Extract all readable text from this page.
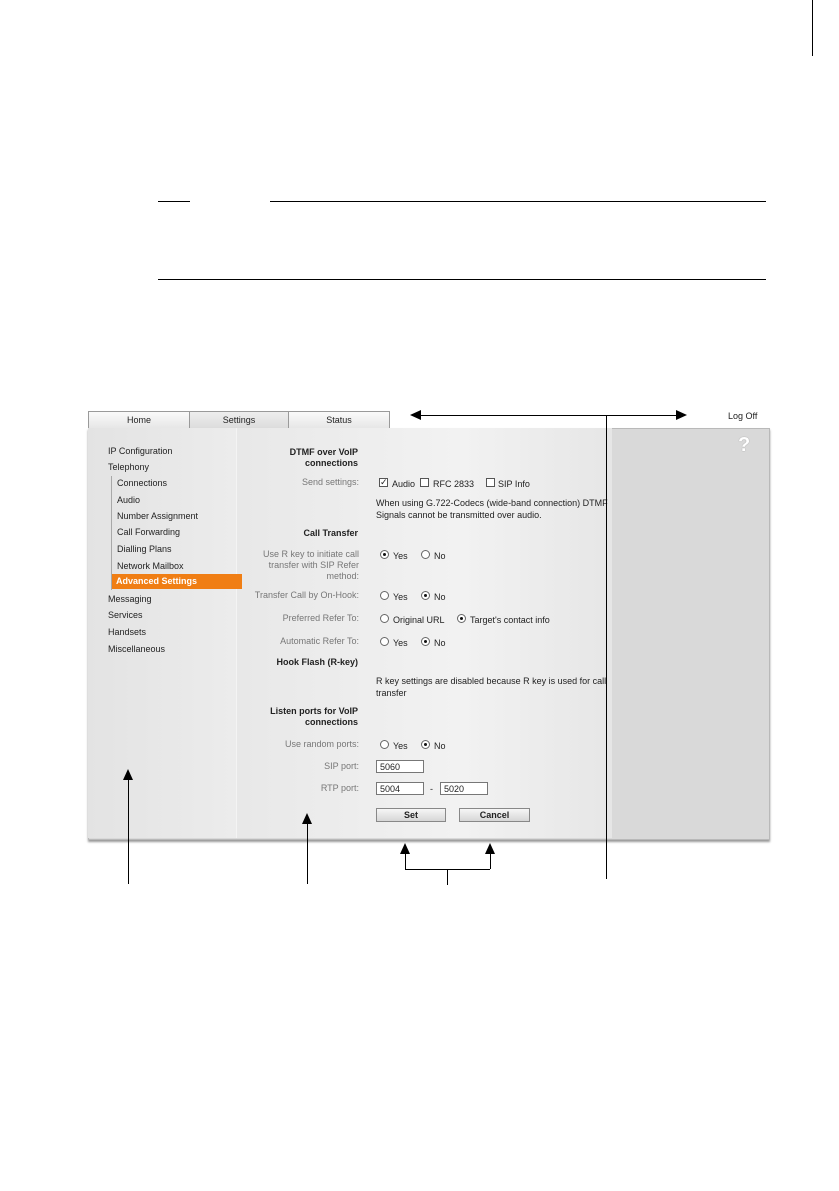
Home	Settings	Status	Log Off
?
IP Configuration
Telephony
Connections
Audio
Number Assignment
Call Forwarding
Dialling Plans
Network Mailbox
Advanced Settings
Messaging
Services
Handsets
Miscellaneous
DTMF over VoIP
connections
Send settings: ✓ Audio RFC 2833	SIP Info
When using G.722-Codecs (wide-band connection) DTMF
Signals cannot be transmitted over audio.
Call Transfer
Use R key to initiate call
transfer with SIP Refer
method:
Yes	No
Transfer Call by On-Hook:	Yes	No
Preferred Refer To:	Original URL	Target's contact info
Automatic Refer To:	Yes	No
Hook Flash (R-key)
R key settings are disabled because R key is used for call
transfer
Listen ports for VoIP
connections
Use random ports:	Yes	No
SIP port:	5060
RTP port:	5004	-	5020
Set	Cancel
